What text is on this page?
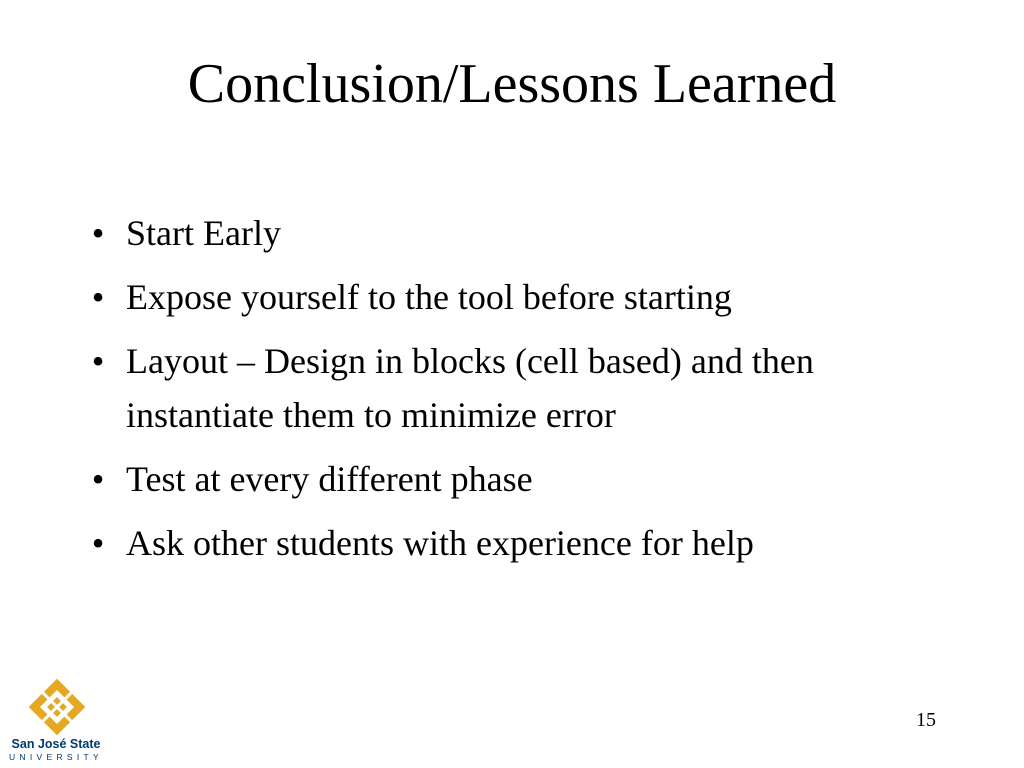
Conclusion/Lessons Learned
• Start Early
• Expose yourself to the tool before starting
• Layout – Design in blocks (cell based) and then instantiate them to minimize error
• Test at every different phase
• Ask other students with experience for help
San José State
UNIVERSITY
15
